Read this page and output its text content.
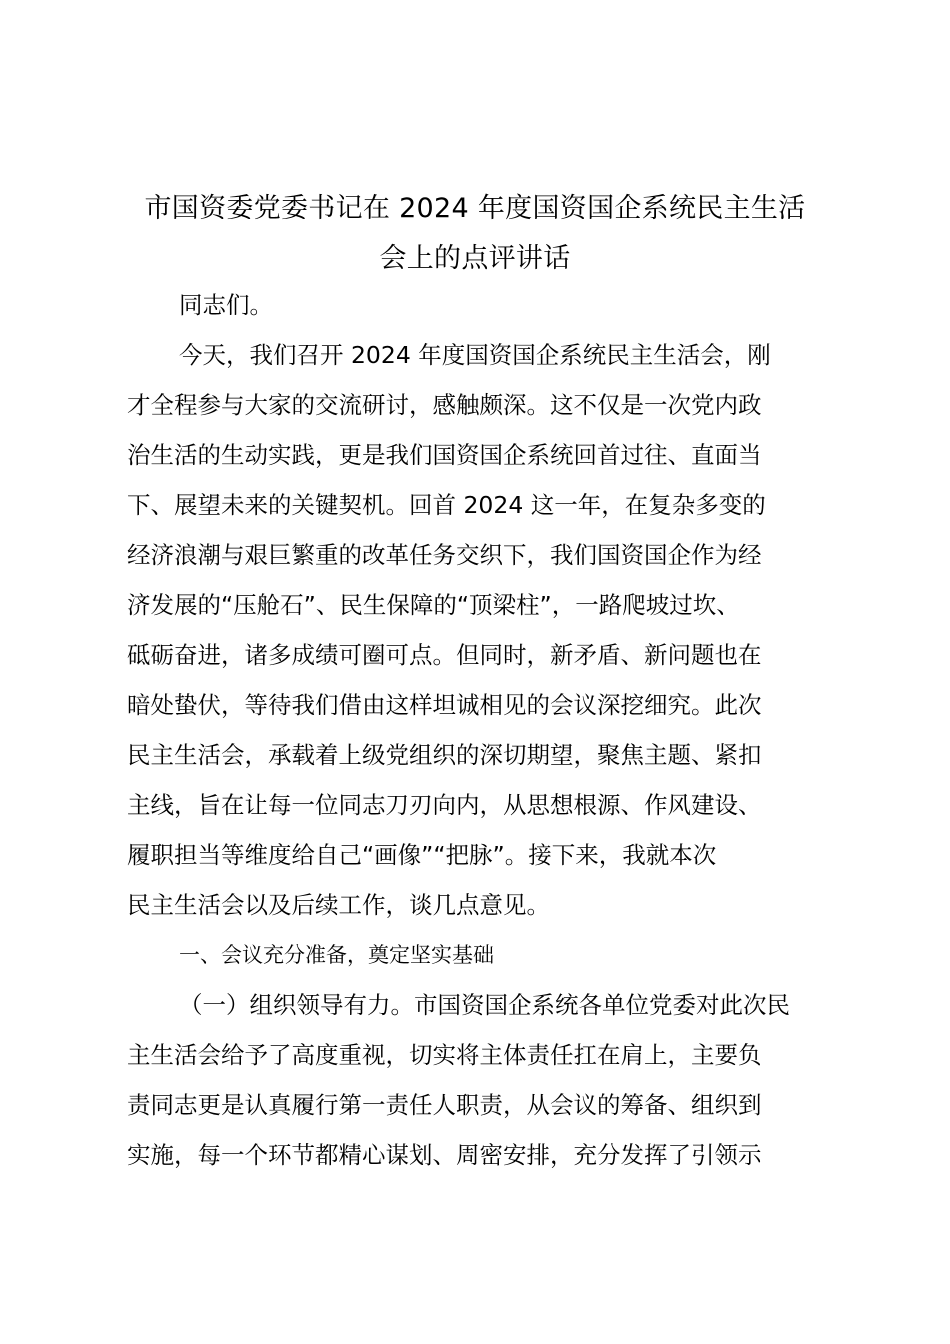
市国资委党委书记在 2024 年度国资国企系统民主生活
会上的点评讲话
同志们。
今天，我们召开 2024 年度国资国企系统民主生活会，刚
才全程参与大家的交流研讨，感触颇深。这不仅是一次党内政
治生活的生动实践，更是我们国资国企系统回首过往、直面当
下、展望未来的关键契机。回首 2024 这一年，在复杂多变的
经济浪潮与艰巨繁重的改革任务交织下，我们国资国企作为经
济发展的“压舱石”、民生保障的“顶梁柱”，一路爬坡过坎、
砥砺奋进，诸多成绩可圈可点。但同时，新矛盾、新问题也在
暗处蛰伏，等待我们借由这样坦诚相见的会议深挖细究。此次
民主生活会，承载着上级党组织的深切期望，聚焦主题、紧扣
主线，旨在让每一位同志刀刃向内，从思想根源、作风建设、
履职担当等维度给自己“画像”“把脉”。接下来，我就本次
民主生活会以及后续工作，谈几点意见。
一、会议充分准备，奠定坚实基础
（一）组织领导有力。市国资国企系统各单位党委对此次民
主生活会给予了高度重视，切实将主体责任扛在肩上，主要负
责同志更是认真履行第一责任人职责，从会议的筹备、组织到
实施，每一个环节都精心谋划、周密安排，充分发挥了引领示
